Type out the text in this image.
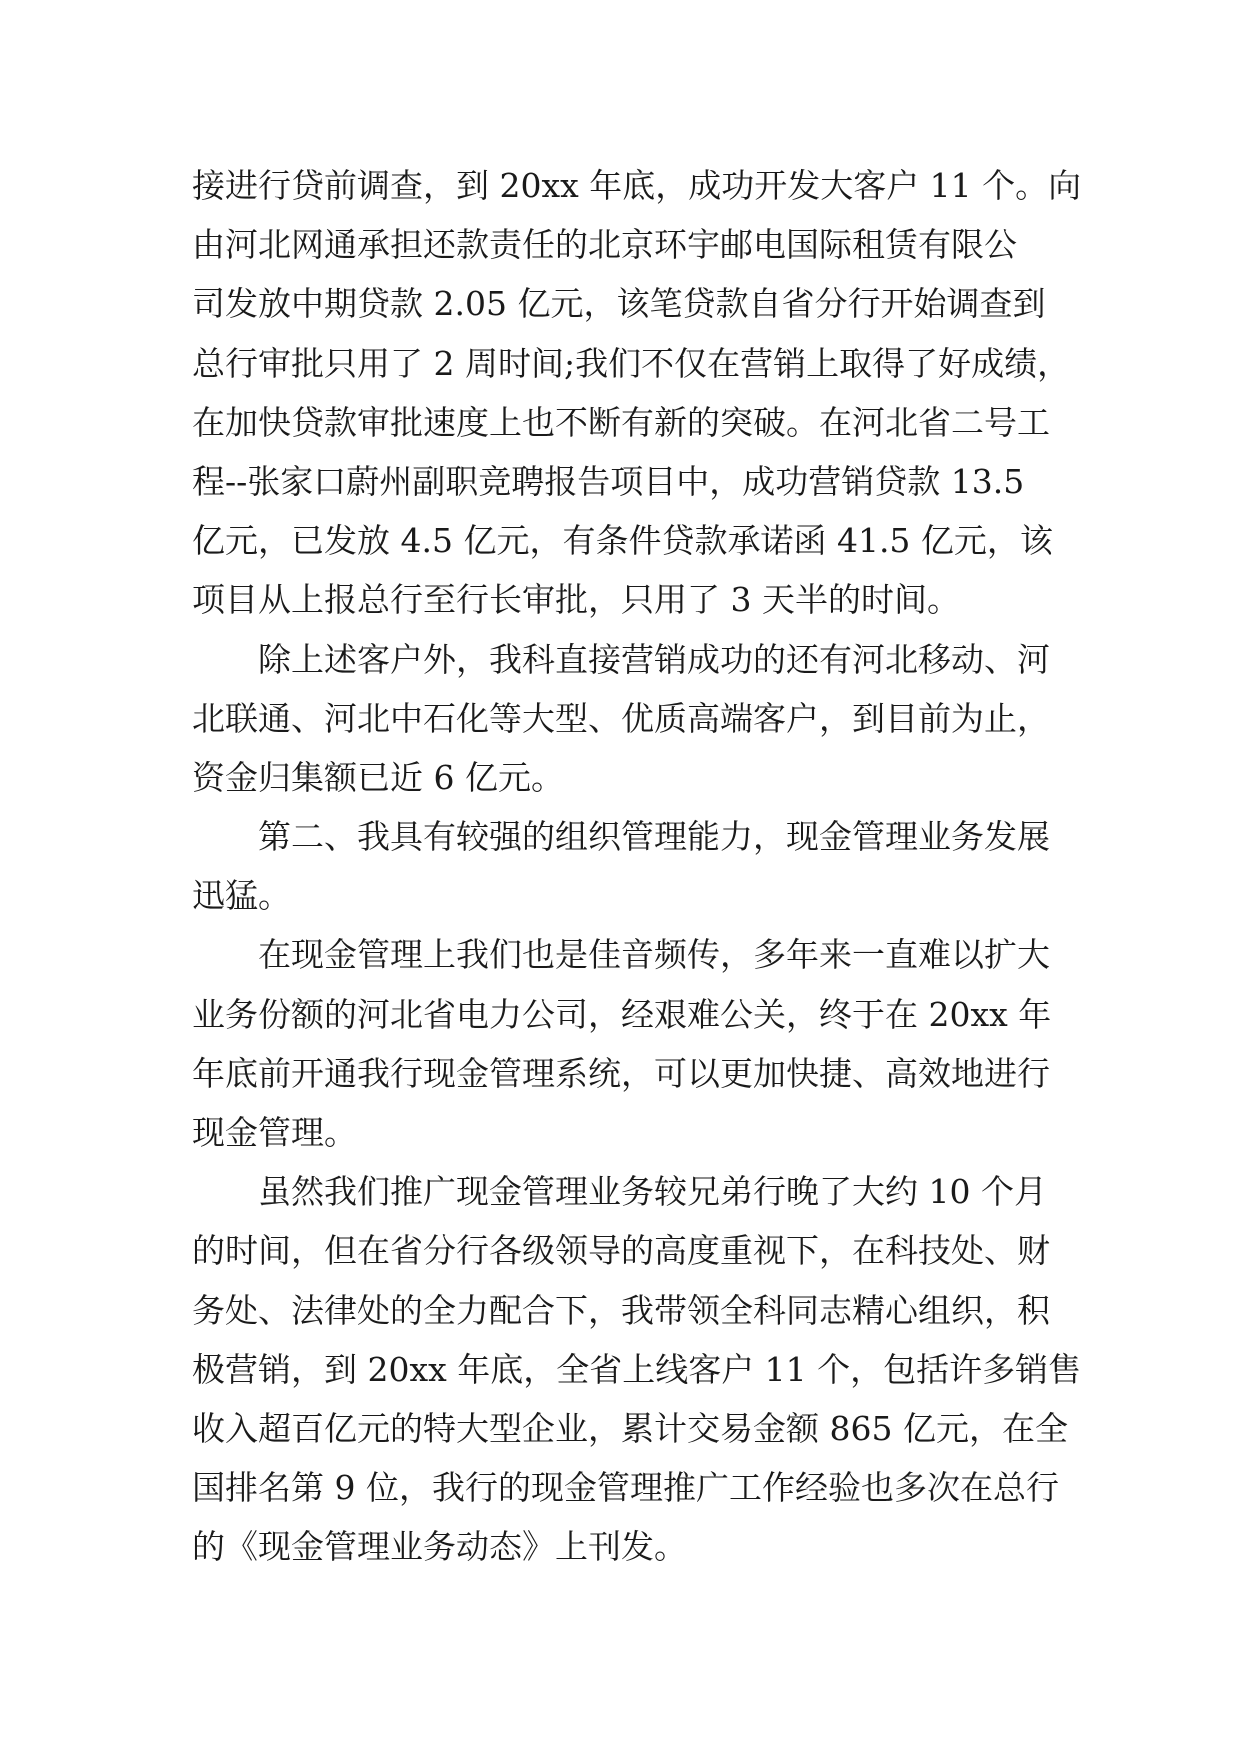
接进行贷前调查，到 20xx 年底，成功开发大客户 11 个。向

由河北网通承担还款责任的北京环宇邮电国际租赁有限公

司发放中期贷款 2.05 亿元，该笔贷款自省分行开始调查到

总行审批只用了 2 周时间;我们不仅在营销上取得了好成绩，

在加快贷款审批速度上也不断有新的突破。在河北省二号工

程--张家口蔚州副职竞聘报告项目中，成功营销贷款 13.5

亿元，已发放 4.5 亿元，有条件贷款承诺函 41.5 亿元，该

项目从上报总行至行长审批，只用了 3 天半的时间。

除上述客户外，我科直接营销成功的还有河北移动、河

北联通、河北中石化等大型、优质高端客户，到目前为止，

资金归集额已近 6 亿元。

第二、我具有较强的组织管理能力，现金管理业务发展

迅猛。

在现金管理上我们也是佳音频传，多年来一直难以扩大

业务份额的河北省电力公司，经艰难公关，终于在 20xx 年

年底前开通我行现金管理系统，可以更加快捷、高效地进行

现金管理。

虽然我们推广现金管理业务较兄弟行晚了大约 10 个月

的时间，但在省分行各级领导的高度重视下，在科技处、财

务处、法律处的全力配合下，我带领全科同志精心组织，积

极营销，到 20xx 年底，全省上线客户 11 个，包括许多销售

收入超百亿元的特大型企业，累计交易金额 865 亿元，在全

国排名第 9 位，我行的现金管理推广工作经验也多次在总行

的《现金管理业务动态》上刊发。
